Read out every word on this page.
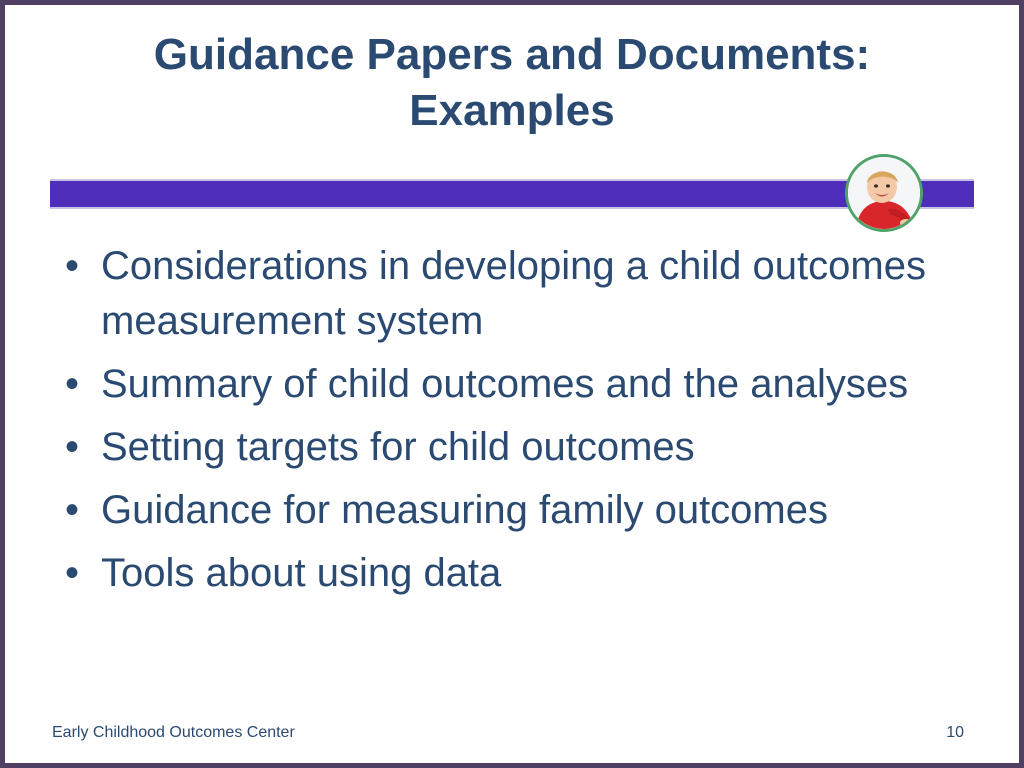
Guidance Papers and Documents:
Examples
• Considerations in developing a child outcomes measurement system
• Summary of child outcomes and the analyses
• Setting targets for child outcomes
• Guidance for measuring family outcomes
• Tools about using data
Early Childhood Outcomes Center	10
